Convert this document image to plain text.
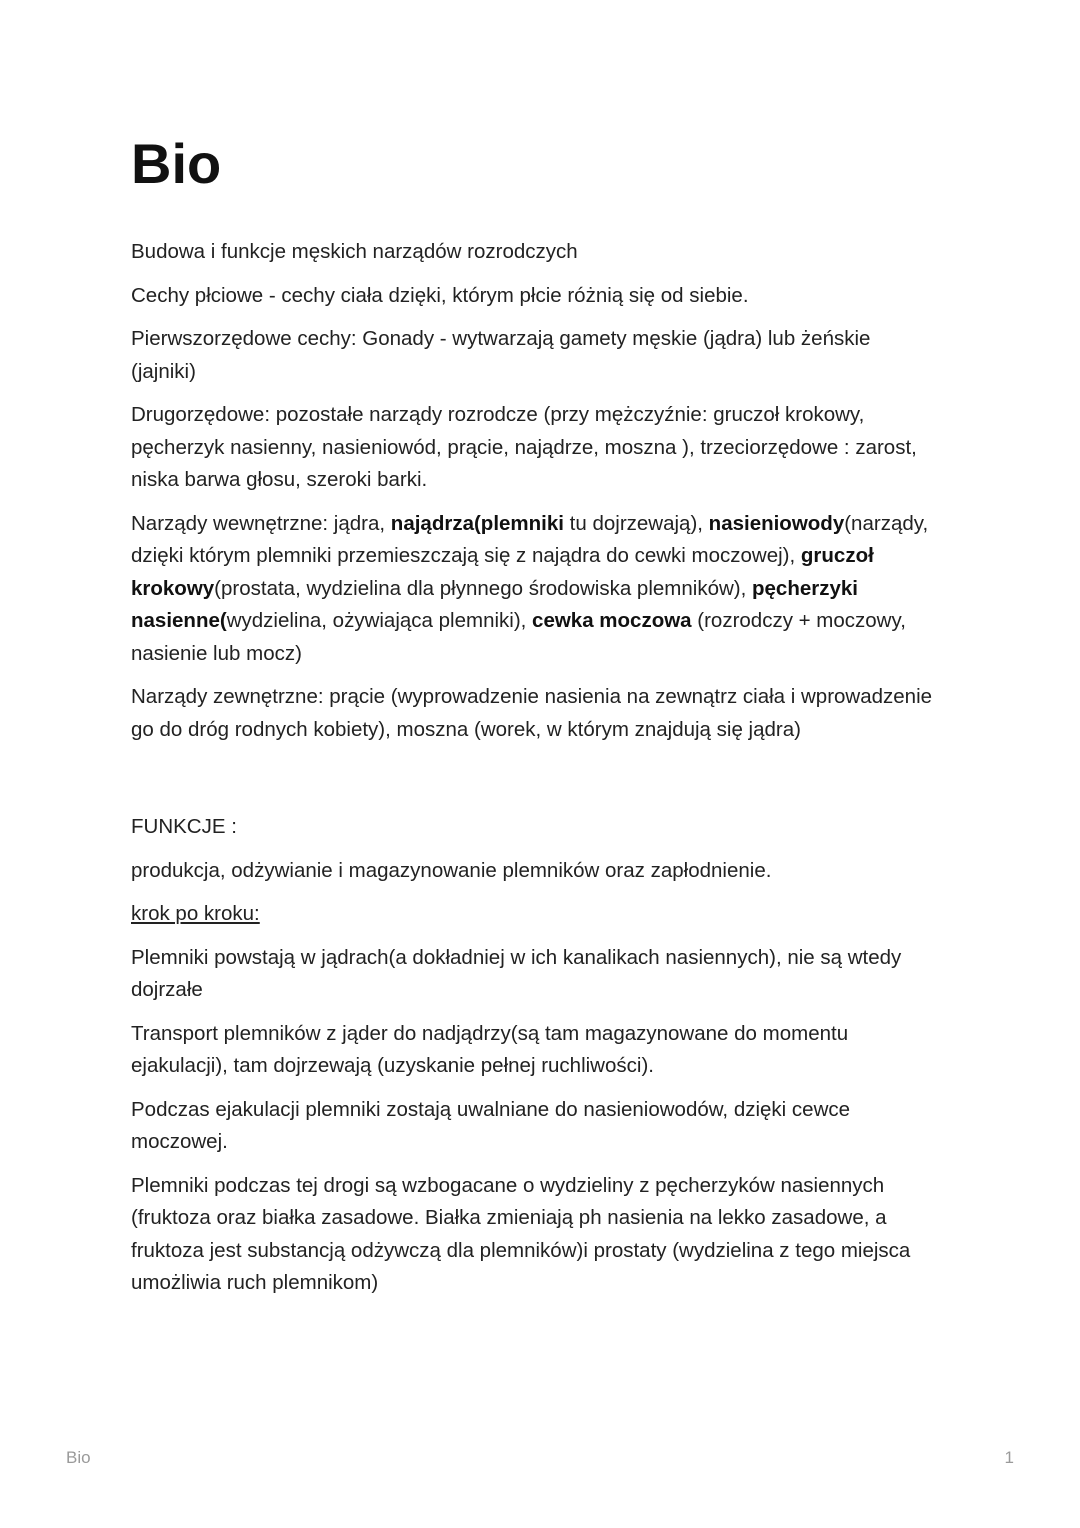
Bio

Budowa i funkcje męskich narządów rozrodczych

Cechy płciowe - cechy ciała dzięki, którym płcie różnią się od siebie.

Pierwszorzędowe cechy: Gonady - wytwarzają gamety męskie (jądra) lub żeńskie (jajniki)

Drugorzędowe: pozostałe narządy rozrodcze (przy mężczyźnie: gruczoł krokowy, pęcherzyk nasienny, nasieniowód, prącie, najądrze, moszna ), trzeciorzędowe : zarost, niska barwa głosu, szeroki barki.

Narządy wewnętrzne: jądra, najądrza(plemniki tu dojrzewają), nasieniowody(narządy, dzięki którym plemniki przemieszczają się z najądra do cewki moczowej), gruczoł krokowy(prostata, wydzielina dla płynnego środowiska plemników), pęcherzyki nasienne(wydzielina, ożywiająca plemniki), cewka moczowa (rozrodczy + moczowy, nasienie lub mocz)

Narządy zewnętrzne: prącie (wyprowadzenie nasienia na zewnątrz ciała i wprowadzenie go do dróg rodnych kobiety), moszna (worek, w którym znajdują się jądra)

FUNKCJE :

produkcja, odżywianie i magazynowanie plemników oraz zapłodnienie.

krok po kroku:

Plemniki powstają w jądrach(a dokładniej w ich kanalikach nasiennych), nie są wtedy dojrzałe

Transport plemników z jąder do nadjądrzy(są tam magazynowane do momentu ejakulacji), tam dojrzewają (uzyskanie pełnej ruchliwości).

Podczas ejakulacji plemniki zostają uwalniane do nasieniowodów, dzięki cewce moczowej.

Plemniki podczas tej drogi są wzbogacane o wydzieliny z pęcherzyków nasiennych (fruktoza oraz białka zasadowe. Białka zmieniają ph nasienia na lekko zasadowe, a fruktoza jest substancją odżywczą dla plemników)i prostaty (wydzielina z tego miejsca umożliwia ruch plemnikom)

Bio	1
